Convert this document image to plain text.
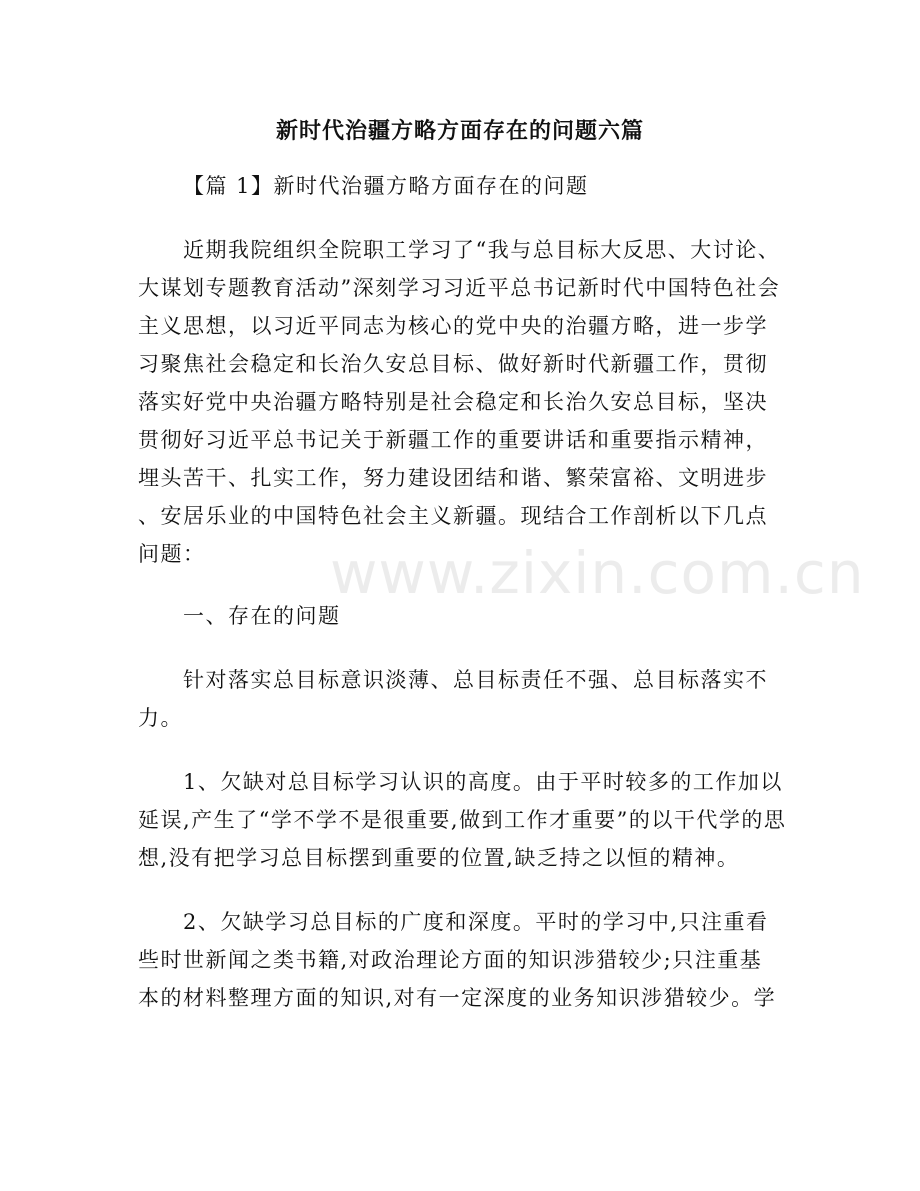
新时代治疆方略方面存在的问题六篇
【篇 1】新时代治疆方略方面存在的问题
近期我院组织全院职工学习了“我与总目标大反思、大讨论、
大谋划专题教育活动”深刻学习习近平总书记新时代中国特色社会
主义思想，以习近平同志为核心的党中央的治疆方略，进一步学
习聚焦社会稳定和长治久安总目标、做好新时代新疆工作，贯彻
落实好党中央治疆方略特别是社会稳定和长治久安总目标，坚决
贯彻好习近平总书记关于新疆工作的重要讲话和重要指示精神，
埋头苦干、扎实工作，努力建设团结和谐、繁荣富裕、文明进步
、安居乐业的中国特色社会主义新疆。现结合工作剖析以下几点
问题：
一、存在的问题
针对落实总目标意识淡薄、总目标责任不强、总目标落实不
力。
1、欠缺对总目标学习认识的高度。由于平时较多的工作加以
延误,产生了“学不学不是很重要,做到工作才重要”的以干代学的思
想,没有把学习总目标摆到重要的位置,缺乏持之以恒的精神。
2、欠缺学习总目标的广度和深度。平时的学习中,只注重看
些时世新闻之类书籍,对政治理论方面的知识涉猎较少;只注重基
本的材料整理方面的知识,对有一定深度的业务知识涉猎较少。学
www.zixin.com.cn
